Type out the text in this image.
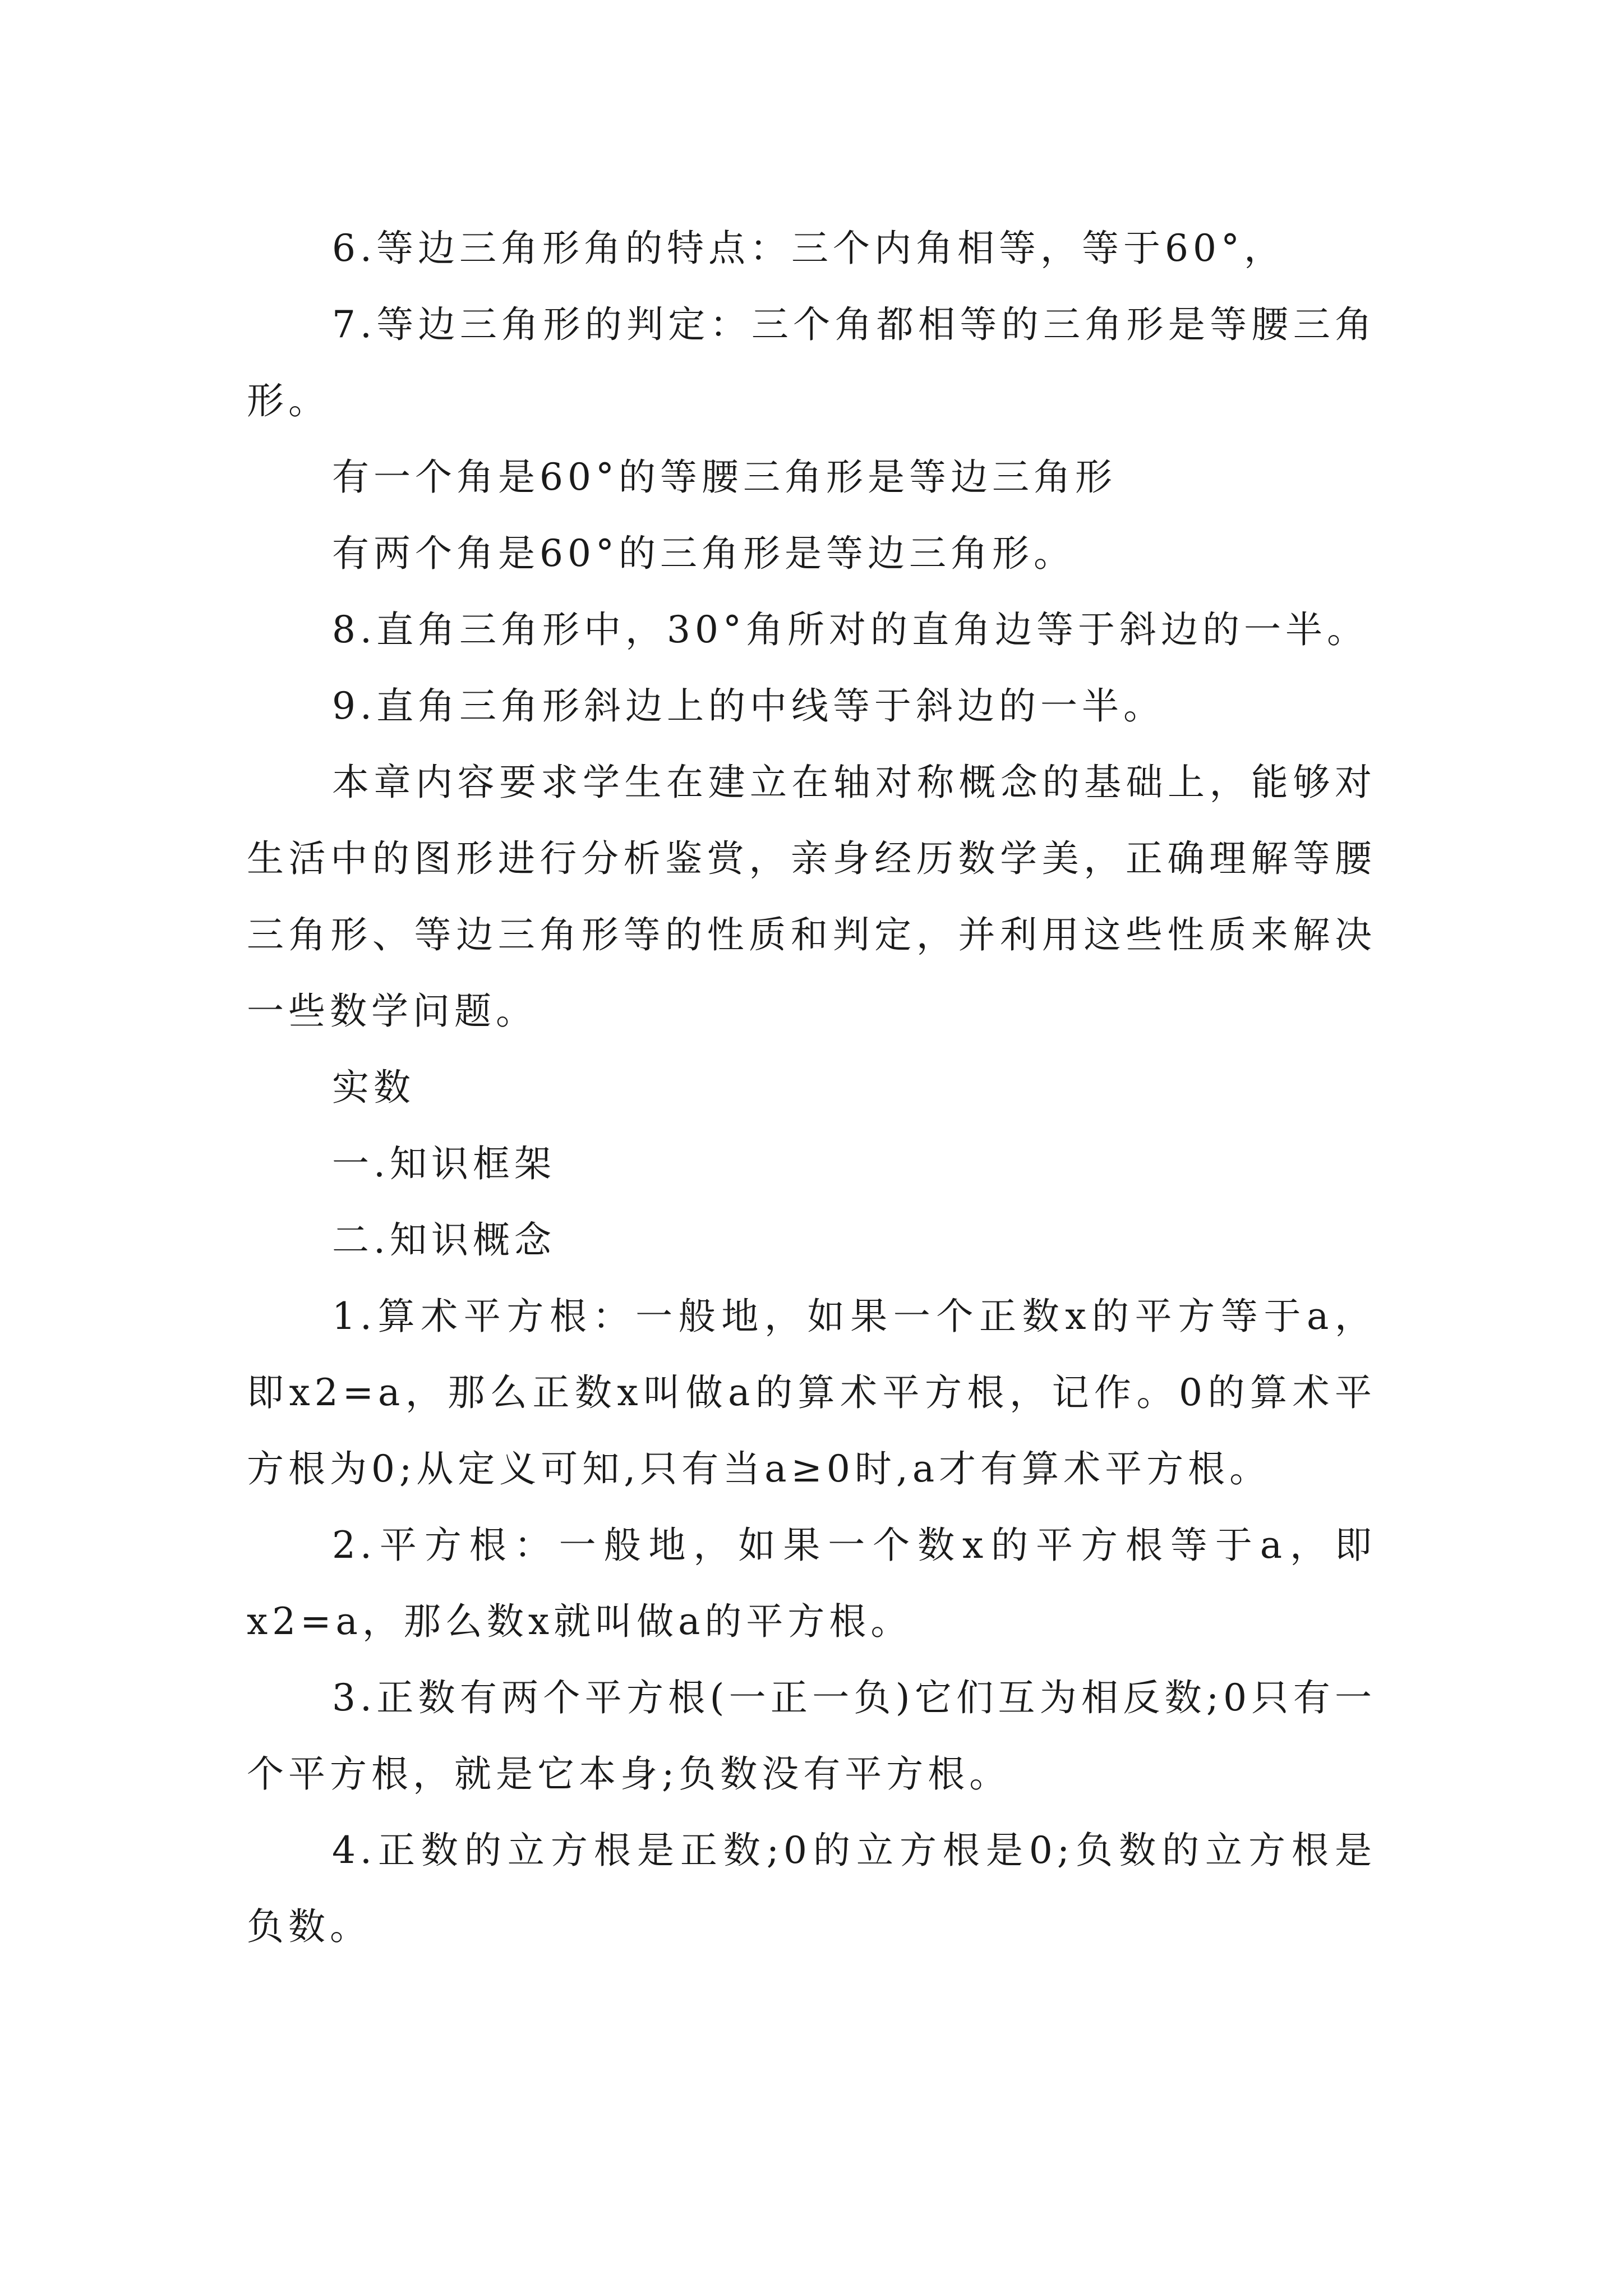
6.等边三角形角的特点：三个内角相等，等于60°，

7.等边三角形的判定：三个角都相等的三角形是等腰三角形。

有一个角是60°的等腰三角形是等边三角形

有两个角是60°的三角形是等边三角形。

8.直角三角形中，30°角所对的直角边等于斜边的一半。

9.直角三角形斜边上的中线等于斜边的一半。

本章内容要求学生在建立在轴对称概念的基础上，能够对生活中的图形进行分析鉴赏，亲身经历数学美，正确理解等腰三角形、等边三角形等的性质和判定，并利用这些性质来解决一些数学问题。

实数

一.知识框架

二.知识概念

1.算术平方根：一般地，如果一个正数x的平方等于a，即x2=a，那么正数x叫做a的算术平方根，记作。0的算术平方根为0;从定义可知,只有当a≥0时,a才有算术平方根。

2.平方根：一般地，如果一个数x的平方根等于a，即x2=a，那么数x就叫做a的平方根。

3.正数有两个平方根(一正一负)它们互为相反数;0只有一个平方根，就是它本身;负数没有平方根。

4.正数的立方根是正数;0的立方根是0;负数的立方根是负数。
